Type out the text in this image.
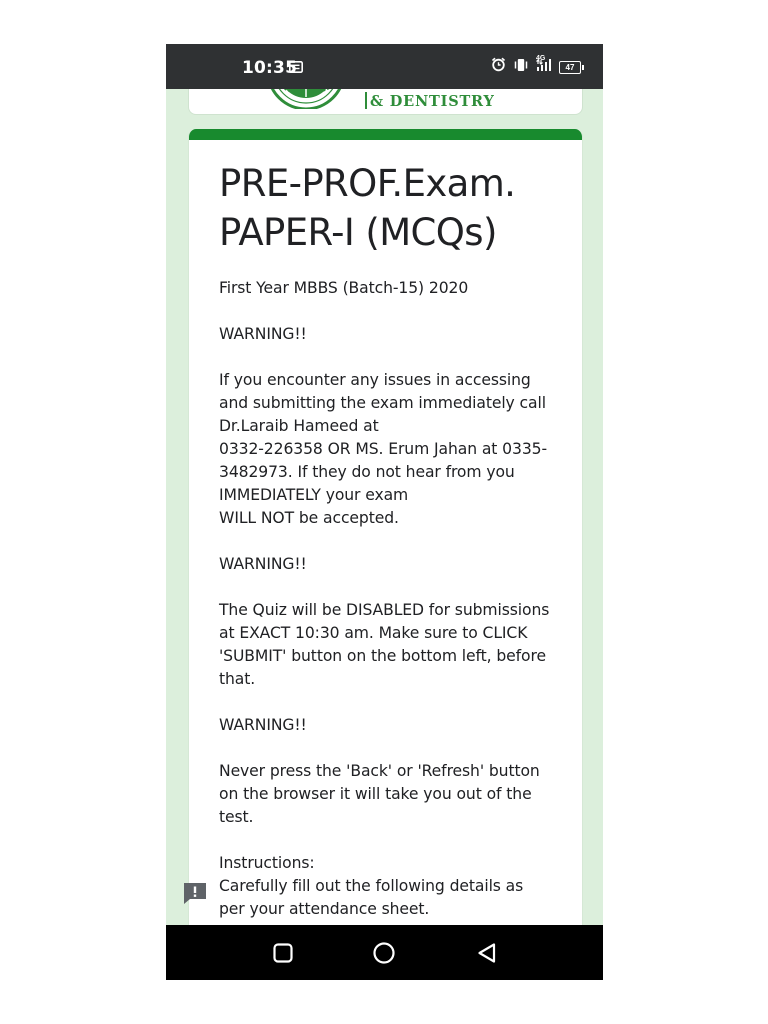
10:35	4G
47
& DENTISTRY
PRE-PROF.Exam. PAPER-I (MCQs)
First Year MBBS (Batch-15) 2020

WARNING!!

If you encounter any issues in accessing and submitting the exam immediately call Dr.Laraib Hameed at
0332-226358 OR MS. Erum Jahan at 0335-3482973. If they do not hear from you IMMEDIATELY your exam
WILL NOT be accepted.

WARNING!!

The Quiz will be DISABLED for submissions at EXACT 10:30 am. Make sure to CLICK 'SUBMIT' button on the bottom left, before that.

WARNING!!

Never press the 'Back' or 'Refresh' button on the browser it will take you out of the test.

Instructions:
Carefully fill out the following details as per your attendance sheet.
